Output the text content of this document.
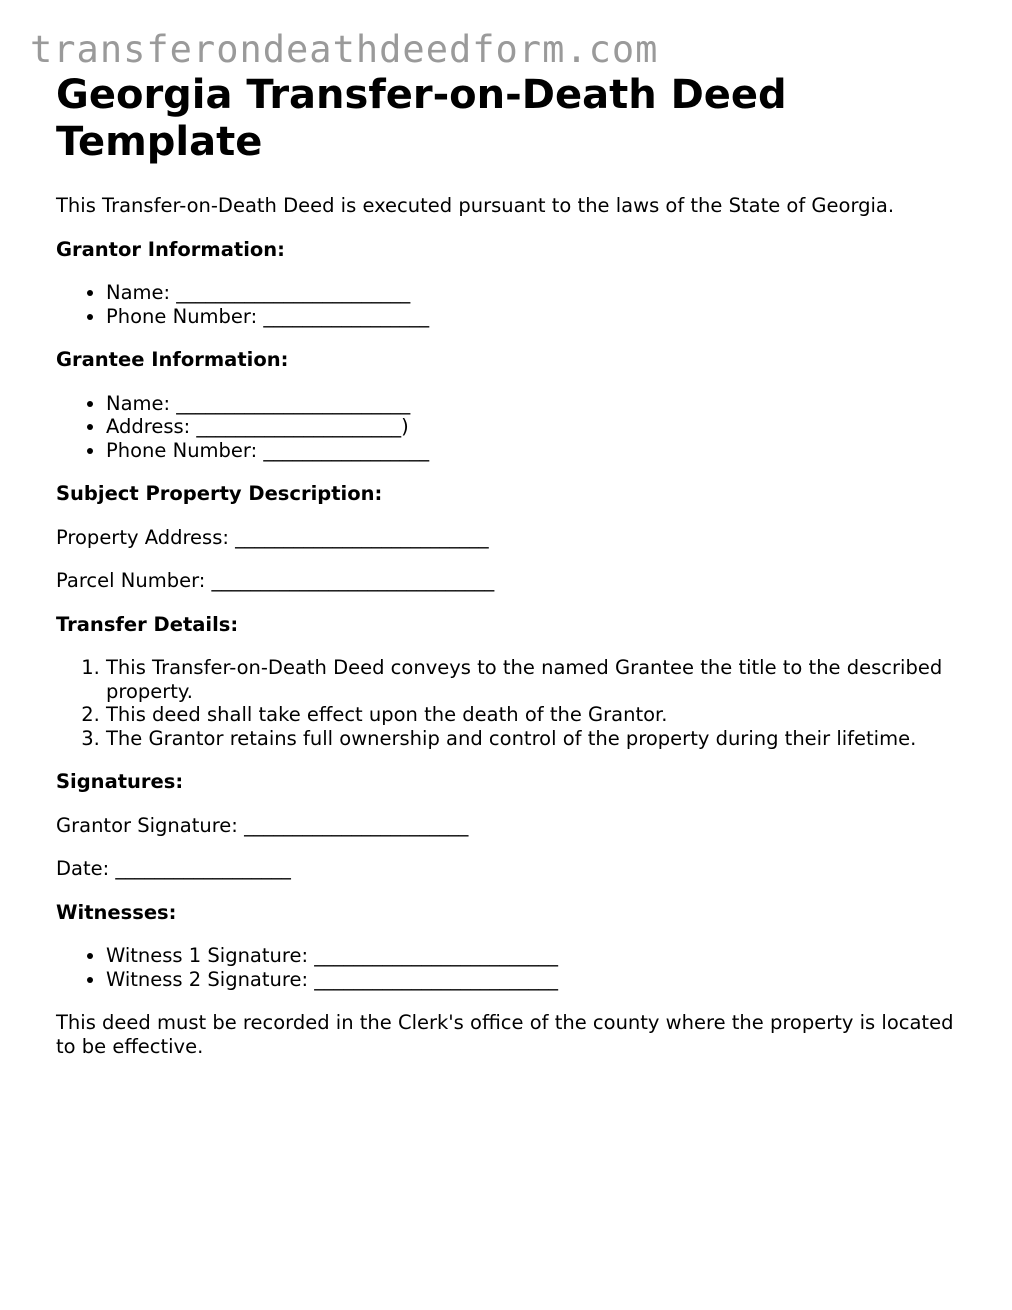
transferondeathdeedform.com
Georgia Transfer-on-Death Deed Template

This Transfer-on-Death Deed is executed pursuant to the laws of the State of Georgia.

Grantor Information:
• Name: ________________________
• Phone Number: _________________
Grantee Information:
• Name: ________________________
• Address: _____________________)
• Phone Number: _________________
Subject Property Description:

Property Address: __________________________

Parcel Number: _____________________________

Transfer Details:
1. This Transfer-on-Death Deed conveys to the named Grantee the title to the described property.
2. This deed shall take effect upon the death of the Grantor.
3. The Grantor retains full ownership and control of the property during their lifetime.
Signatures:

Grantor Signature: _______________________

Date: __________________

Witnesses:
• Witness 1 Signature: _________________________
• Witness 2 Signature: _________________________

This deed must be recorded in the Clerk's office of the county where the property is located to be effective.
